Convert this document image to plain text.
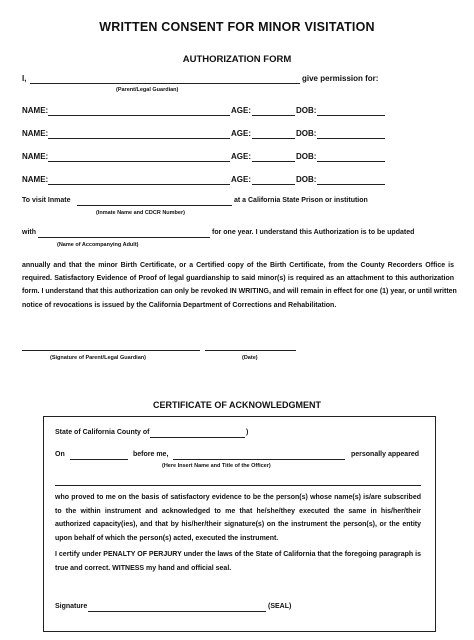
WRITTEN CONSENT FOR MINOR VISITATION
AUTHORIZATION FORM
I,	give permission for:
(Parent/Legal Guardian)
NAME:	AGE:	DOB:
NAME:	AGE:	DOB:
NAME:	AGE:	DOB:
NAME:	AGE:	DOB:
To visit Inmate	at a California State Prison or institution
(Inmate Name and CDCR Number)
with	for one year. I understand this Authorization is to be updated
(Name of Accompanying Adult)
annually and that the minor Birth Certificate, or a Certified copy of the Birth Certificate, from the County Recorders Office is
required. Satisfactory Evidence of Proof of legal guardianship to said minor(s) is required as an attachment to this authorization
form. I understand that this authorization can only be revoked IN WRITING, and will remain in effect for one (1) year, or until written
notice of revocations is issued by the California Department of Corrections and Rehabilitation.
(Signature of Parent/Legal Guardian)	(Date)
CERTIFICATE OF ACKNOWLEDGMENT
State of California County of	)
On	before me,	personally appeared
(Here Insert Name and Title of the Officer)
who proved to me on the basis of satisfactory evidence to be the person(s) whose name(s) is/are subscribed
to the within instrument and acknowledged to me that he/she/they executed the same in his/her/their
authorized capacity(ies), and that by his/her/their signature(s) on the instrument the person(s), or the entity
upon behalf of which the person(s) acted, executed the instrument.
I certify under PENALTY OF PERJURY under the laws of the State of California that the foregoing paragraph is
true and correct. WITNESS my hand and official seal.
Signature	(SEAL)
